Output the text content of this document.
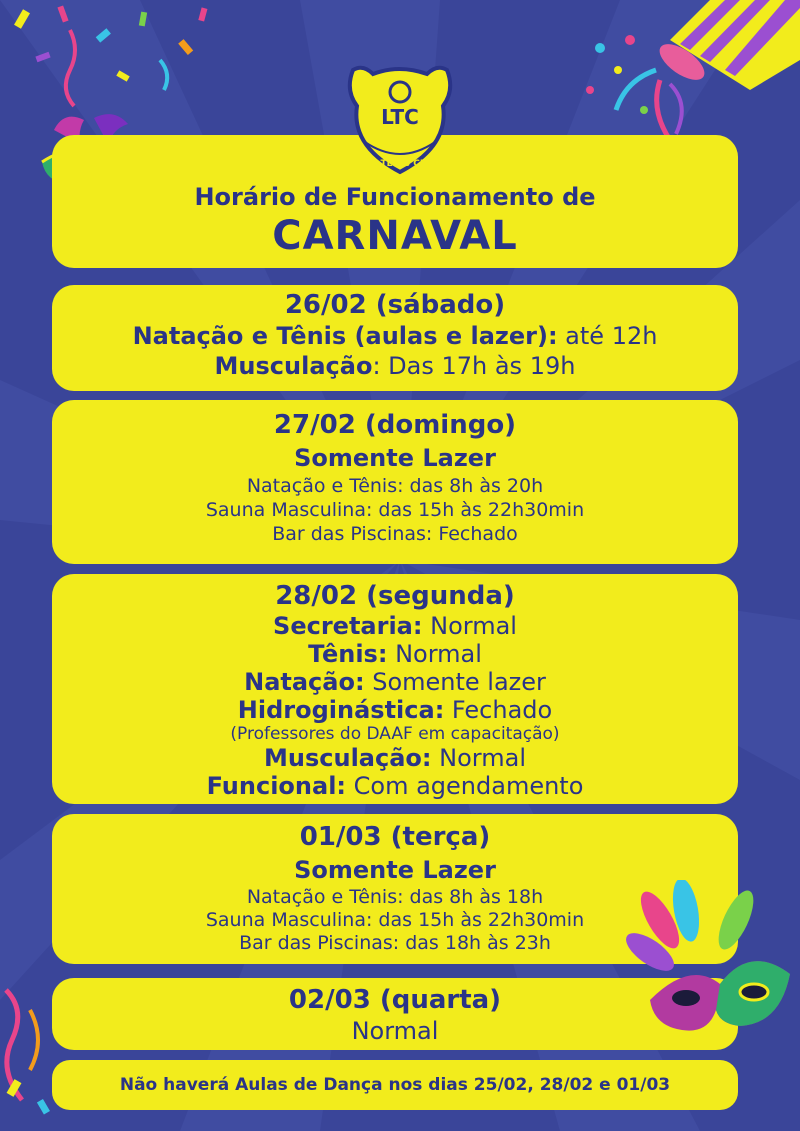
Horário de Funcionamento de
CARNAVAL
LTC
LIRA TÊNIS CLUBE
26/02 (sábado)
Natação e Tênis (aulas e lazer): até 12h
Musculação: Das 17h às 19h
27/02 (domingo)
Somente Lazer
Natação e Tênis: das 8h às 20h
Sauna Masculina: das 15h às 22h30min
Bar das Piscinas: Fechado
28/02 (segunda)
Secretaria: Normal
Tênis: Normal
Natação: Somente lazer
Hidroginástica: Fechado
(Professores do DAAF em capacitação)
Musculação: Normal
Funcional: Com agendamento
01/03 (terça)
Somente Lazer
Natação e Tênis: das 8h às 18h
Sauna Masculina: das 15h às 22h30min
Bar das Piscinas: das 18h às 23h
02/03 (quarta)
Normal
Não haverá Aulas de Dança nos dias 25/02, 28/02 e 01/03
